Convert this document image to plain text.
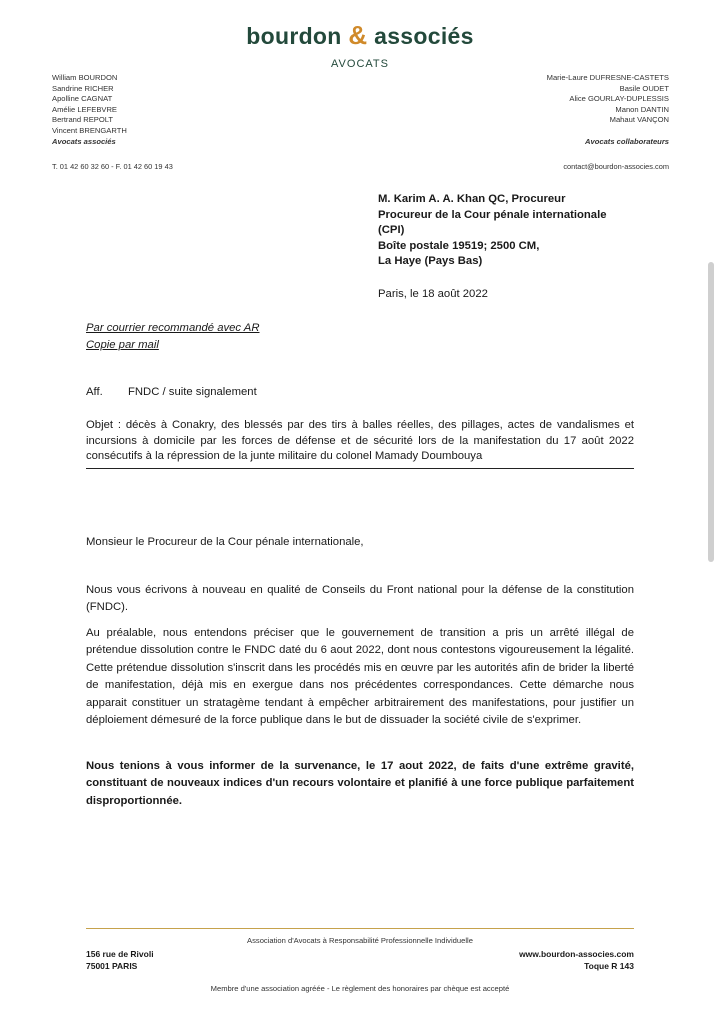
bourdon & associés
AVOCATS
William BOURDON
Sandrine RICHER
Apolline CAGNAT
Amélie LEFEBVRE
Bertrand REPOLT
Vincent BRENGARTH
Avocats associés
Marie-Laure DUFRESNE-CASTETS
Basile OUDET
Alice GOURLAY-DUPLESSIS
Manon DANTIN
Mahaut VANÇON
Avocats collaborateurs
T. 01 42 60 32 60 - F. 01 42 60 19 43	contact@bourdon-associes.com
M. Karim A. A. Khan QC, Procureur
Procureur de la Cour pénale internationale
(CPI)
Boîte postale 19519; 2500 CM,
La Haye (Pays Bas)
Paris, le 18 août 2022
Par courrier recommandé avec AR
Copie par mail
Aff. FNDC / suite signalement
Objet : décès à Conakry, des blessés par des tirs à balles réelles, des pillages, actes de vandalismes et incursions à domicile par les forces de défense et de sécurité lors de la manifestation du 17 août 2022 consécutifs à la répression de la junte militaire du colonel Mamady Doumbouya
Monsieur le Procureur de la Cour pénale internationale,
Nous vous écrivons à nouveau en qualité de Conseils du Front national pour la défense de la constitution (FNDC).
Au préalable, nous entendons préciser que le gouvernement de transition a pris un arrêté illégal de prétendue dissolution contre le FNDC daté du 6 aout 2022, dont nous contestons vigoureusement la légalité. Cette prétendue dissolution s'inscrit dans les procédés mis en œuvre par les autorités afin de brider la liberté de manifestation, déjà mis en exergue dans nos précédentes correspondances. Cette démarche nous apparait constituer un stratagème tendant à empêcher arbitrairement des manifestations, pour justifier un déploiement démesuré de la force publique dans le but de dissuader la société civile de s'exprimer.
Nous tenions à vous informer de la survenance, le 17 aout 2022, de faits d'une extrême gravité, constituant de nouveaux indices d'un recours volontaire et planifié à une force publique parfaitement disproportionnée.
Association d'Avocats à Responsabilité Professionnelle Individuelle
156 rue de Rivoli
75001 PARIS
www.bourdon-associes.com
Toque R 143
Membre d'une association agréée - Le règlement des honoraires par chèque est accepté
